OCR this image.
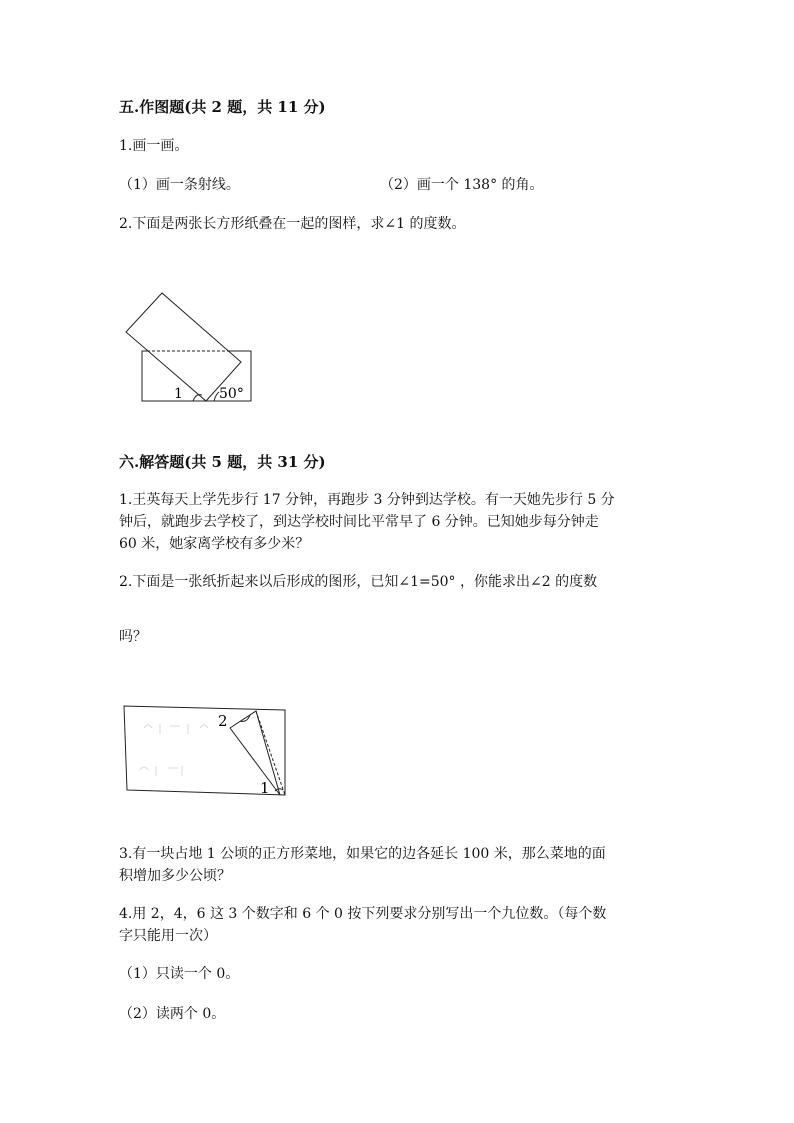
五.作图题(共 2 题，共 11 分)
1.画一画。
（1）画一条射线。	（2）画一个 138° 的角。
2.下面是两张长方形纸叠在一起的图样，求∠1 的度数。
1	50°
六.解答题(共 5 题，共 31 分)
1.王英每天上学先步行 17 分钟，再跑步 3 分钟到达学校。有一天她先步行 5 分
钟后，就跑步去学校了，到达学校时间比平常早了 6 分钟。已知她步每分钟走
60 米，她家离学校有多少米？
2.下面是一张纸折起来以后形成的图形，已知∠1=50° ，你能求出∠2 的度数
吗？
2
1
3.有一块占地 1 公顷的正方形菜地，如果它的边各延长 100 米，那么菜地的面
积增加多少公顷？
4.用 2，4，6 这 3 个数字和 6 个 0 按下列要求分别写出一个九位数。（每个数
字只能用一次）
（1）只读一个 0。
（2）读两个 0。
